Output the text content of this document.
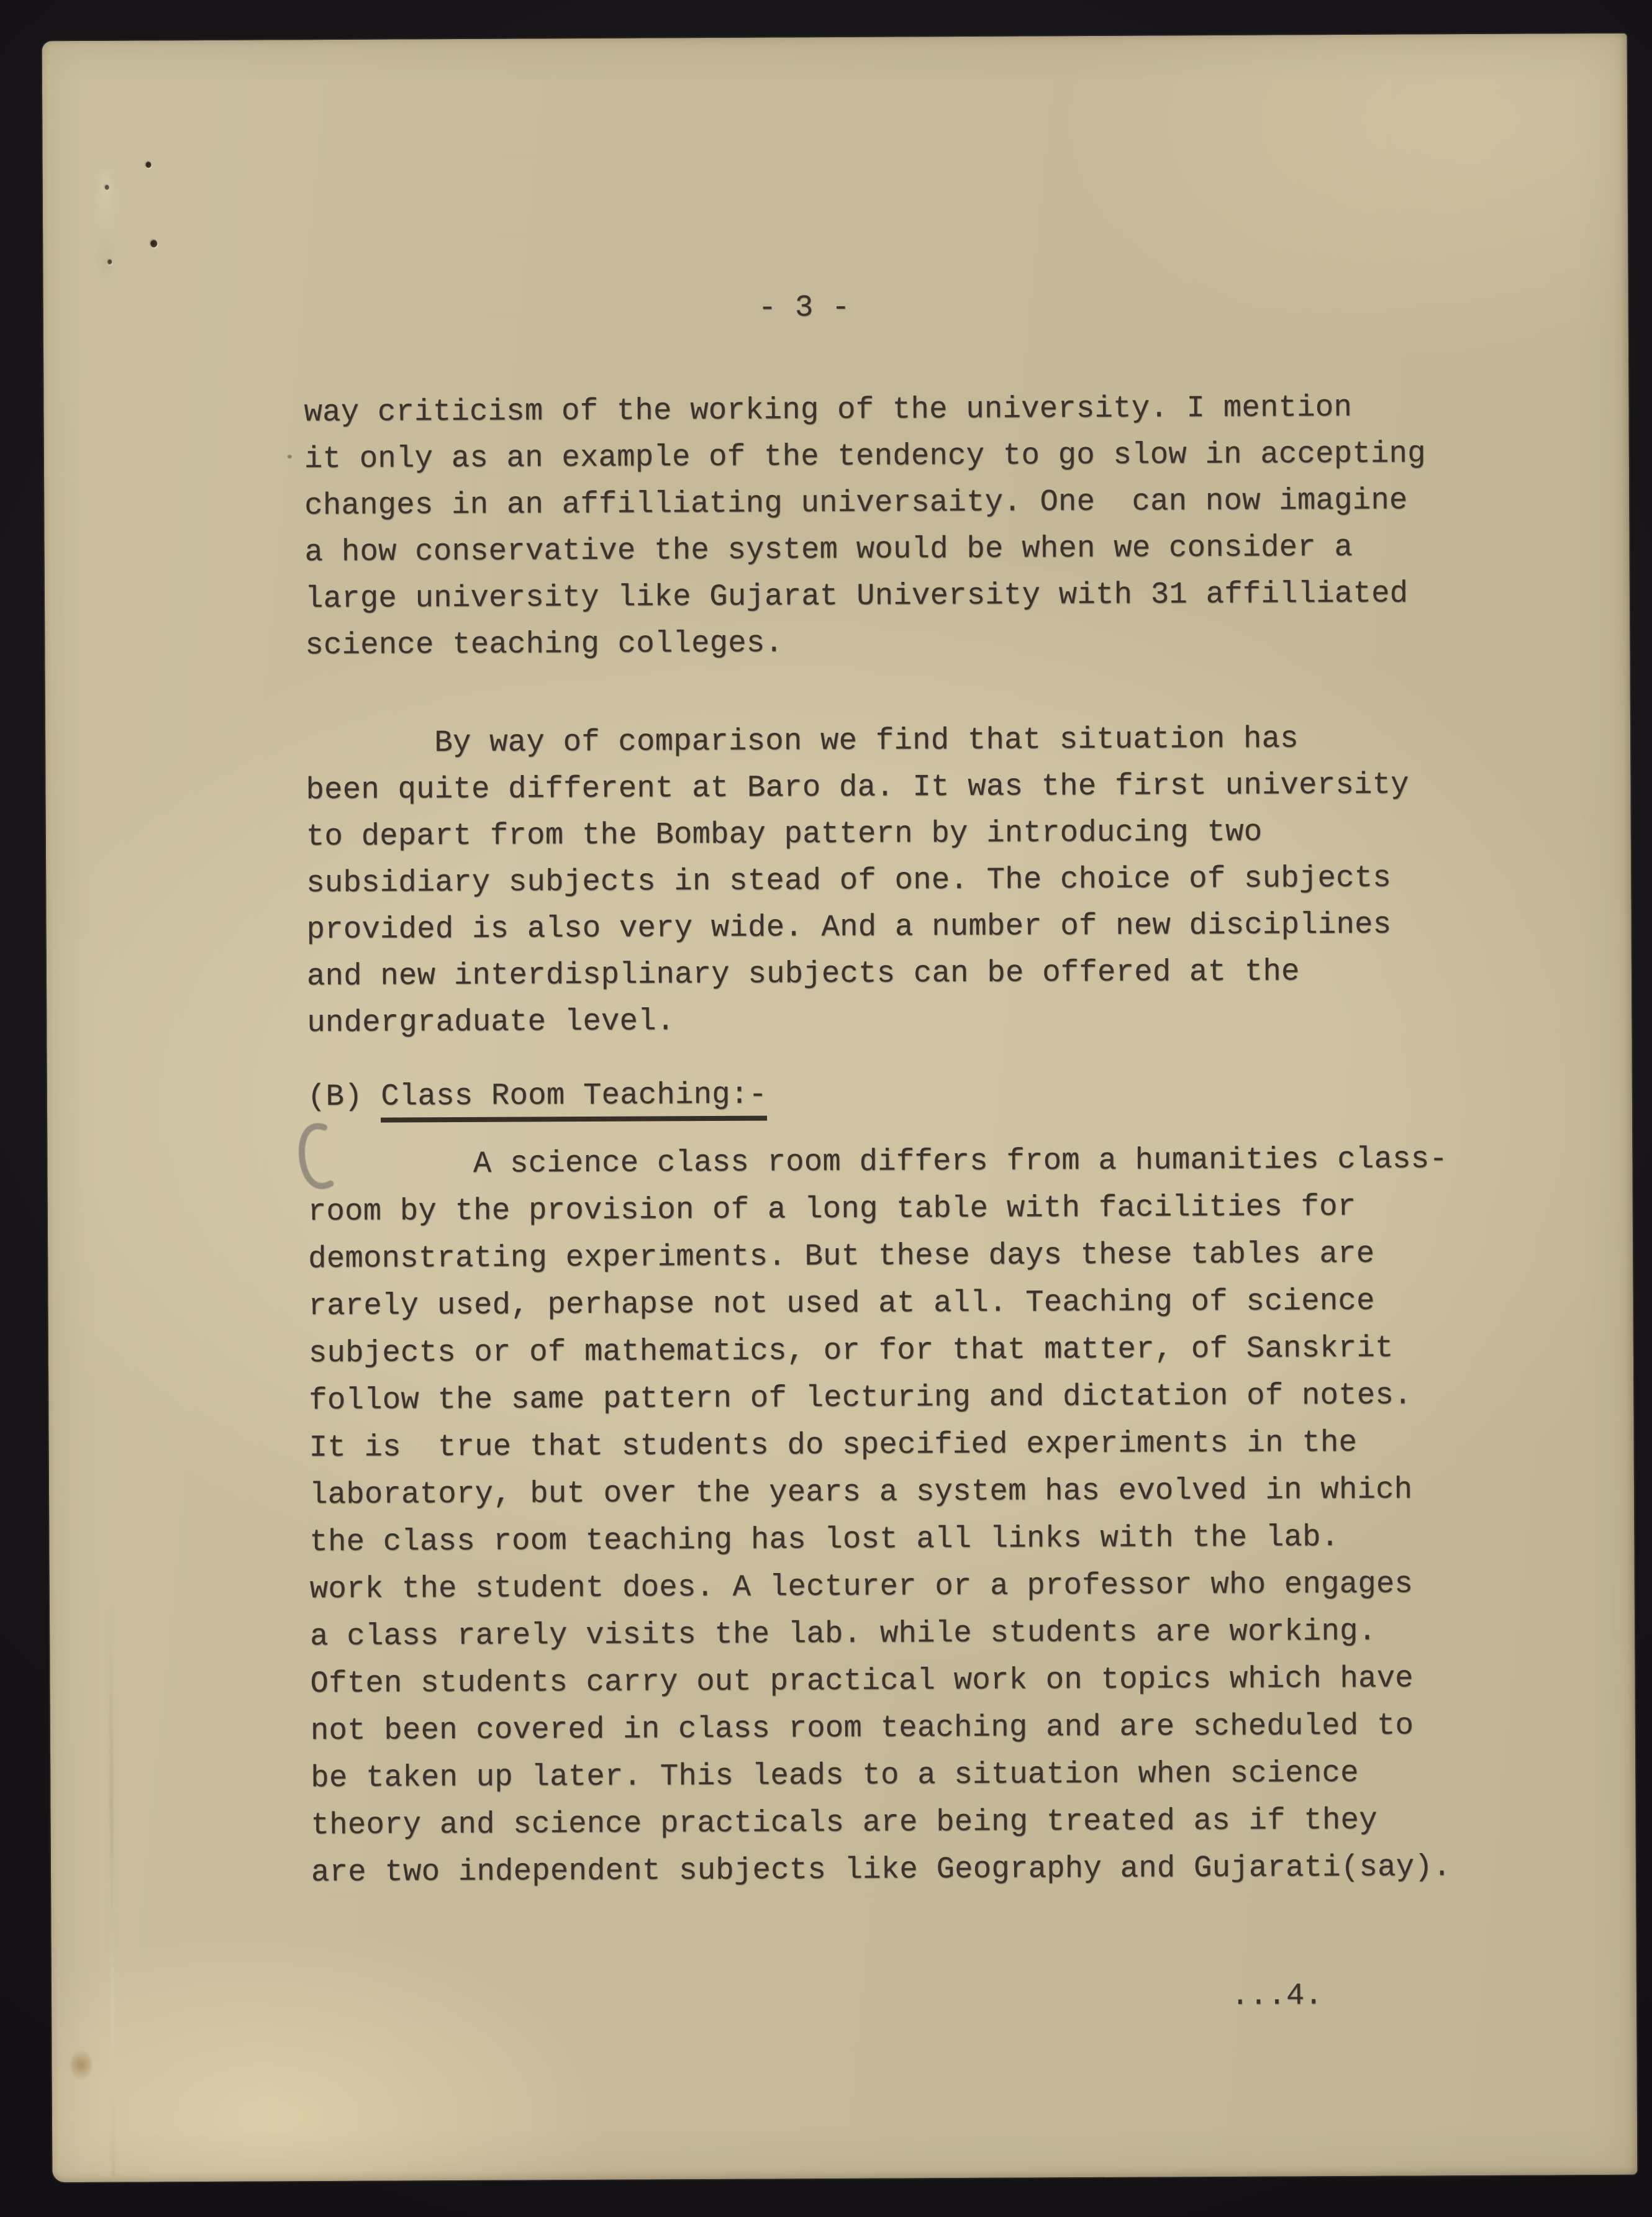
- 3 -
way criticism of the working of the university. I mention
it only as an example of the tendency to go slow in accepting
changes in an affilliating universaity. One  can now imagine
a how conservative the system would be when we consider a
large university like Gujarat University with 31 affilliated
science teaching colleges.
By way of comparison we find that situation has
been quite different at Baro da. It was the first university
to depart from the Bombay pattern by introducing two
subsidiary subjects in stead of one. The choice of subjects
provided is also very wide. And a number of new disciplines
and new interdisplinary subjects can be offered at the
undergraduate level.
(B) Class Room Teaching:-
A science class room differs from a humanities class-
room by the provision of a long table with facilities for
demonstrating experiments. But these days these tables are
rarely used, perhapse not used at all. Teaching of science
subjects or of mathematics, or for that matter, of Sanskrit
follow the same pattern of lecturing and dictation of notes.
It is  true that students do specified experiments in the
laboratory, but over the years a system has evolved in which
the class room teaching has lost all links with the lab.
work the student does. A lecturer or a professor who engages
a class rarely visits the lab. while students are working.
Often students carry out practical work on topics which have
not been covered in class room teaching and are scheduled to
be taken up later. This leads to a situation when science
theory and science practicals are being treated as if they
are two independent subjects like Geography and Gujarati(say).
...4.
